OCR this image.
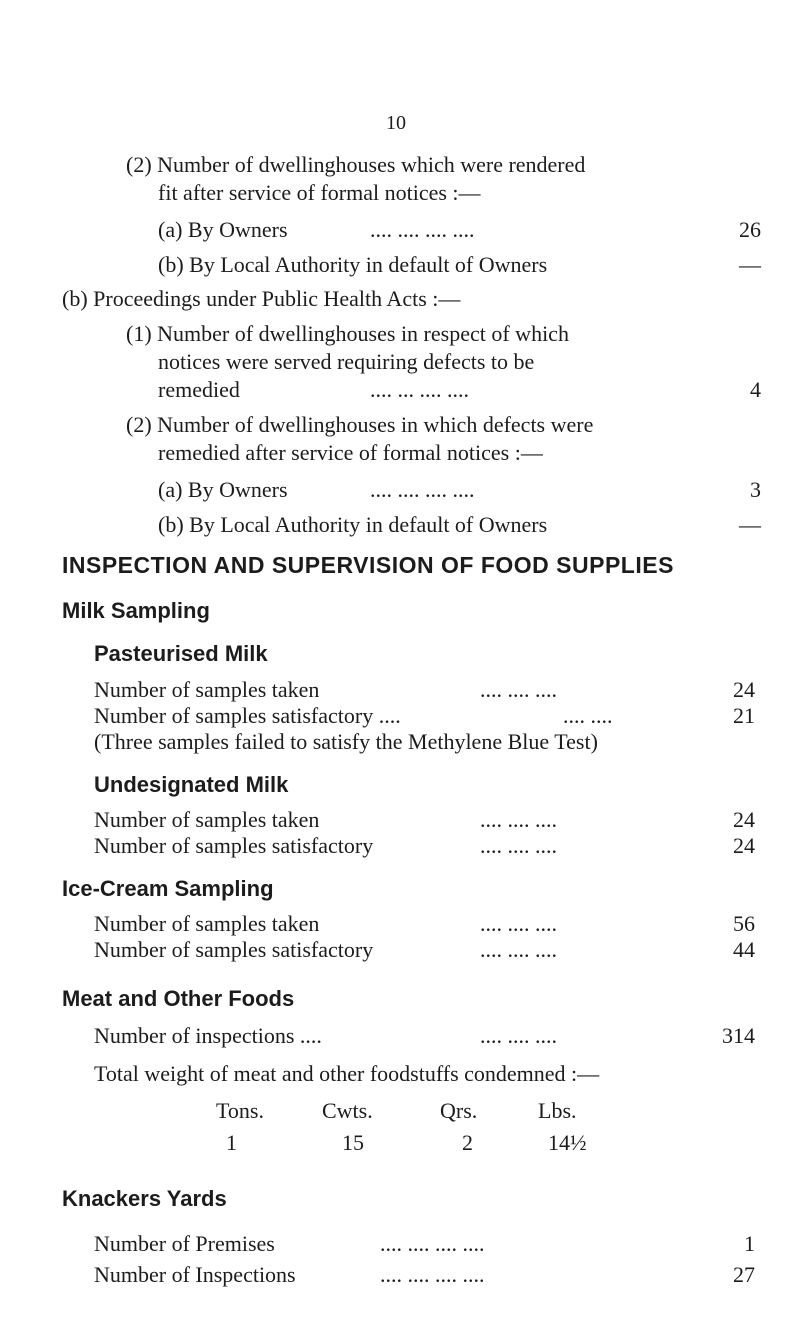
10
(2) Number of dwellinghouses which were rendered
fit after service of formal notices :—
(a) By Owners	.... .... .... ....	26
(b) By Local Authority in default of Owners	—
(b) Proceedings under Public Health Acts :—
(1) Number of dwellinghouses in respect of which
notices were served requiring defects to be
remedied	.... ... .... ....	4
(2) Number of dwellinghouses in which defects were
remedied after service of formal notices :—
(a) By Owners	.... .... .... ....	3
(b) By Local Authority in default of Owners	—
INSPECTION AND SUPERVISION OF FOOD SUPPLIES
Milk Sampling
Pasteurised Milk
Number of samples taken	.... .... ....	24
Number of samples satisfactory ....	.... ....	21
(Three samples failed to satisfy the Methylene Blue Test)
Undesignated Milk
Number of samples taken	.... .... ....	24
Number of samples satisfactory	.... .... ....	24
Ice-Cream Sampling
Number of samples taken	.... .... ....	56
Number of samples satisfactory	.... .... ....	44
Meat and Other Foods
Number of inspections ....	.... .... ....	314
Total weight of meat and other foodstuffs condemned :—
Tons.	Cwts.	Qrs.	Lbs.
1	15	2	14½
Knackers Yards
Number of Premises	.... .... .... ....	1
Number of Inspections	.... .... .... ....	27
